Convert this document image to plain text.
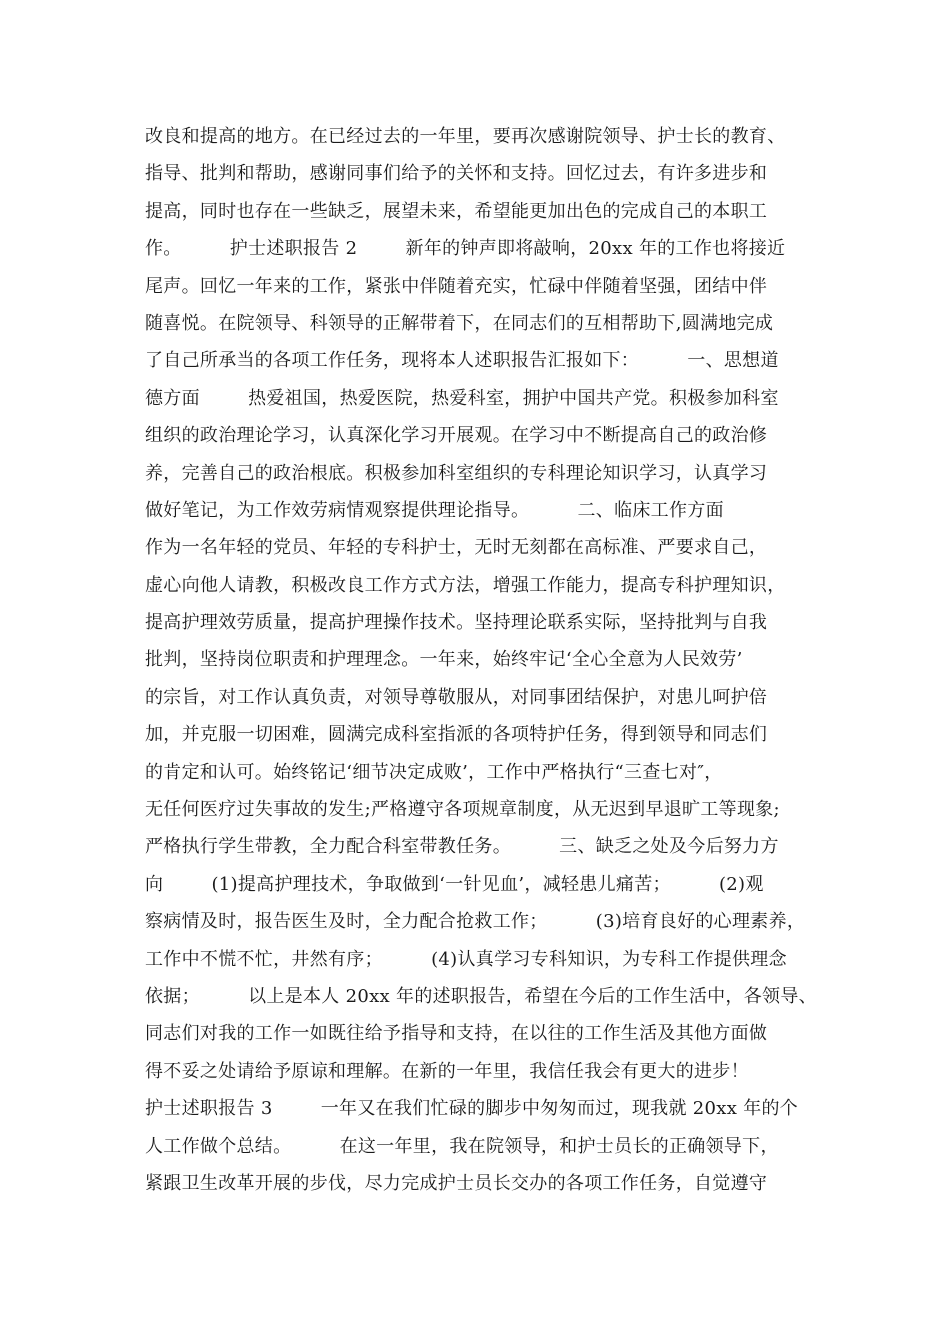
改良和提高的地方。在已经过去的一年里，要再次感谢院领导、护士长的教育、
指导、批判和帮助，感谢同事们给予的关怀和支持。回忆过去，有许多进步和
提高，同时也存在一些缺乏，展望未来，希望能更加出色的完成自己的本职工
作。        护士述职报告 2        新年的钟声即将敲响，20xx 年的工作也将接近
尾声。回忆一年来的工作，紧张中伴随着充实，忙碌中伴随着坚强，团结中伴
随喜悦。在院领导、科领导的正解带着下，在同志们的互相帮助下,圆满地完成
了自己所承当的各项工作任务，现将本人述职报告汇报如下：        一、思想道
德方面        热爱祖国，热爱医院，热爱科室，拥护中国共产党。积极参加科室
组织的政治理论学习，认真深化学习开展观。在学习中不断提高自己的政治修
养，完善自己的政治根底。积极参加科室组织的专科理论知识学习，认真学习
做好笔记，为工作效劳病情观察提供理论指导。        二、临床工作方面
作为一名年轻的党员、年轻的专科护士，无时无刻都在高标准、严要求自己，
虚心向他人请教，积极改良工作方式方法，增强工作能力，提高专科护理知识，
提高护理效劳质量，提高护理操作技术。坚持理论联系实际，坚持批判与自我
批判，坚持岗位职责和护理理念。一年来，始终牢记‘全心全意为人民效劳’
的宗旨，对工作认真负责，对领导尊敬服从，对同事团结保护，对患儿呵护倍
加，并克服一切困难，圆满完成科室指派的各项特护任务，得到领导和同志们
的肯定和认可。始终铭记‘细节决定成败’，工作中严格执行“三查七对″，
无任何医疗过失事故的发生;严格遵守各项规章制度，从无迟到早退旷工等现象;
严格执行学生带教，全力配合科室带教任务。        三、缺乏之处及今后努力方
向        (1)提高护理技术，争取做到‘一针见血’，减轻患儿痛苦；        (2)观
察病情及时，报告医生及时，全力配合抢救工作；        (3)培育良好的心理素养，
工作中不慌不忙，井然有序；        (4)认真学习专科知识，为专科工作提供理念
依据；        以上是本人 20xx 年的述职报告，希望在今后的工作生活中，各领导、
同志们对我的工作一如既往给予指导和支持，在以往的工作生活及其他方面做
得不妥之处请给予原谅和理解。在新的一年里，我信任我会有更大的进步！
护士述职报告 3        一年又在我们忙碌的脚步中匆匆而过，现我就 20xx 年的个
人工作做个总结。        在这一年里，我在院领导，和护士员长的正确领导下，
紧跟卫生改革开展的步伐，尽力完成护士员长交办的各项工作任务，自觉遵守
